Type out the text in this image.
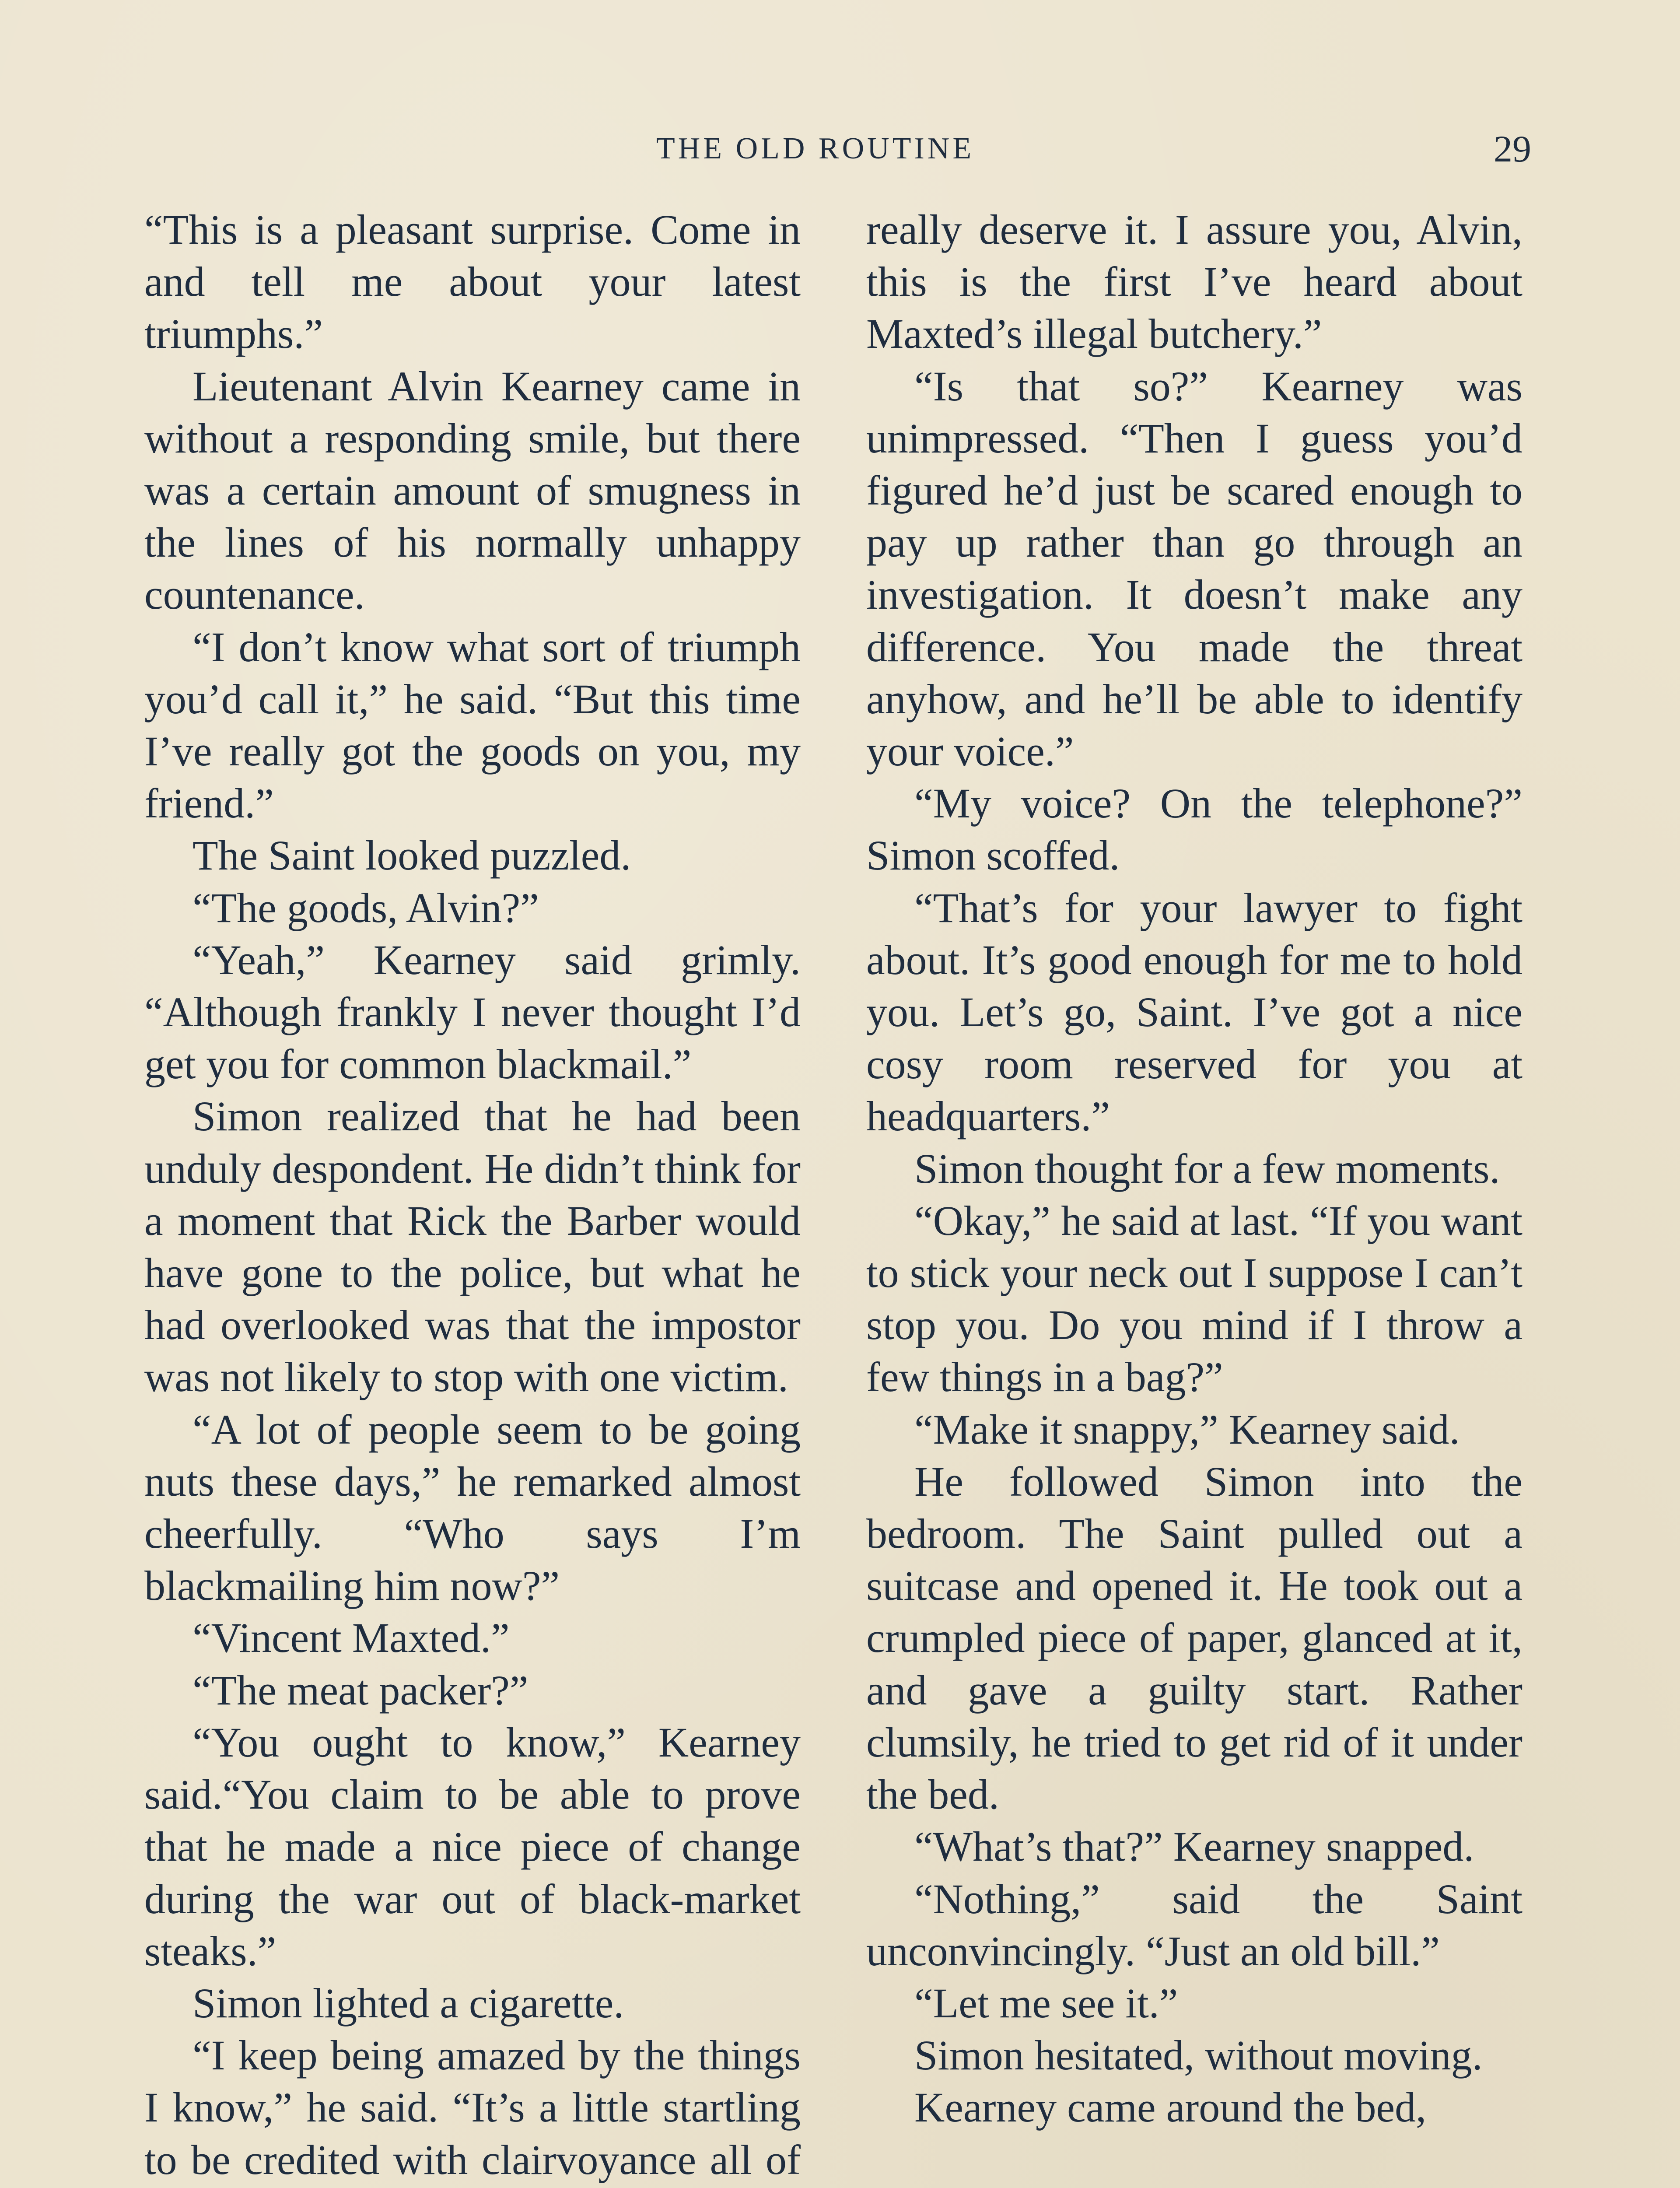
THE OLD ROUTINE	29

“This is a pleasant surprise. Come in and tell me about your latest triumphs.”

Lieutenant Alvin Kearney came in without a responding smile, but there was a certain amount of smugness in the lines of his normally unhappy countenance.

“I don’t know what sort of triumph you’d call it,” he said. “But this time I’ve really got the goods on you, my friend.”

The Saint looked puzzled.

“The goods, Alvin?”

“Yeah,” Kearney said grimly. “Although frankly I never thought I’d get you for common blackmail.”

Simon realized that he had been unduly despondent. He didn’t think for a moment that Rick the Barber would have gone to the police, but what he had overlooked was that the impostor was not likely to stop with one victim.

“A lot of people seem to be going nuts these days,” he remarked almost cheerfully. “Who says I’m blackmailing him now?”

“Vincent Maxted.”

“The meat packer?”

“You ought to know,” Kearney said.“You claim to be able to prove that he made a nice piece of change during the war out of black-market steaks.”

Simon lighted a cigarette.

“I keep being amazed by the things I know,” he said. “It’s a little startling to be credited with clairvoyance all of

really deserve it. I assure you, Alvin, this is the first I’ve heard about Maxted’s illegal butchery.”

“Is that so?” Kearney was unimpressed. “Then I guess you’d figured he’d just be scared enough to pay up rather than go through an investigation. It doesn’t make any difference. You made the threat anyhow, and he’ll be able to identify your voice.”

“My voice? On the telephone?” Simon scoffed.

“That’s for your lawyer to fight about. It’s good enough for me to hold you. Let’s go, Saint. I’ve got a nice cosy room reserved for you at headquarters.”

Simon thought for a few moments.

“Okay,” he said at last. “If you want to stick your neck out I suppose I can’t stop you. Do you mind if I throw a few things in a bag?”

“Make it snappy,” Kearney said.

He followed Simon into the bedroom. The Saint pulled out a suitcase and opened it. He took out a crumpled piece of paper, glanced at it, and gave a guilty start. Rather clumsily, he tried to get rid of it under the bed.

“What’s that?” Kearney snapped.

“Nothing,” said the Saint unconvincingly. “Just an old bill.”

“Let me see it.”

Simon hesitated, without moving.

Kearney came around the bed,
